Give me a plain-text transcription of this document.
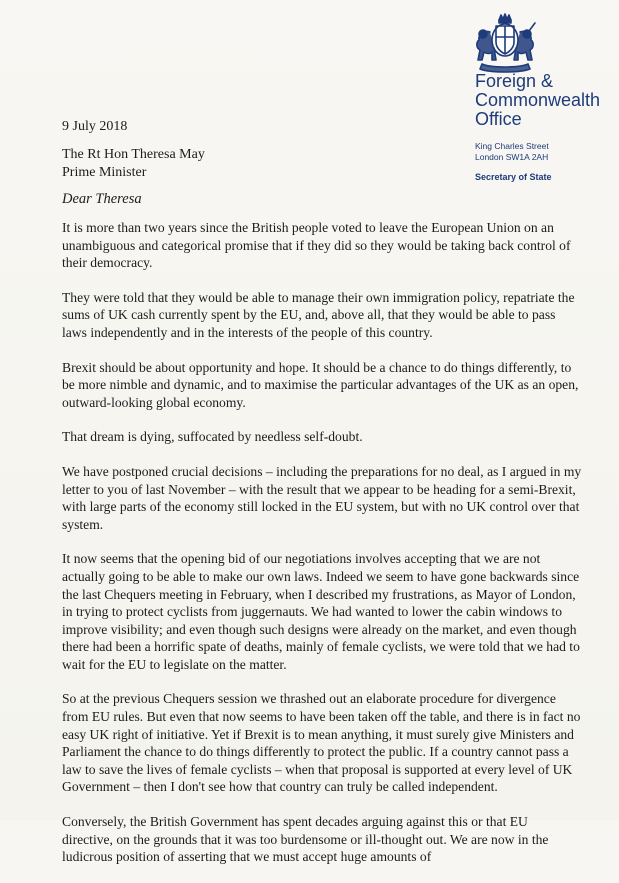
Foreign &
Commonwealth
Office
King Charles Street
London SW1A 2AH
Secretary of State
9 July 2018
The Rt Hon Theresa May
Prime Minister
Dear Theresa

It is more than two years since the British people voted to leave the European Union on an unambiguous and categorical promise that if they did so they would be taking back control of their democracy.

They were told that they would be able to manage their own immigration policy, repatriate the sums of UK cash currently spent by the EU, and, above all, that they would be able to pass laws independently and in the interests of the people of this country.

Brexit should be about opportunity and hope. It should be a chance to do things differently, to be more nimble and dynamic, and to maximise the particular advantages of the UK as an open, outward-looking global economy.

That dream is dying, suffocated by needless self-doubt.

We have postponed crucial decisions – including the preparations for no deal, as I argued in my letter to you of last November – with the result that we appear to be heading for a semi-Brexit, with large parts of the economy still locked in the EU system, but with no UK control over that system.

It now seems that the opening bid of our negotiations involves accepting that we are not actually going to be able to make our own laws. Indeed we seem to have gone backwards since the last Chequers meeting in February, when I described my frustrations, as Mayor of London, in trying to protect cyclists from juggernauts. We had wanted to lower the cabin windows to improve visibility; and even though such designs were already on the market, and even though there had been a horrific spate of deaths, mainly of female cyclists, we were told that we had to wait for the EU to legislate on the matter.

So at the previous Chequers session we thrashed out an elaborate procedure for divergence from EU rules. But even that now seems to have been taken off the table, and there is in fact no easy UK right of initiative. Yet if Brexit is to mean anything, it must surely give Ministers and Parliament the chance to do things differently to protect the public. If a country cannot pass a law to save the lives of female cyclists – when that proposal is supported at every level of UK Government – then I don't see how that country can truly be called independent.

Conversely, the British Government has spent decades arguing against this or that EU directive, on the grounds that it was too burdensome or ill-thought out. We are now in the ludicrous position of asserting that we must accept huge amounts of
